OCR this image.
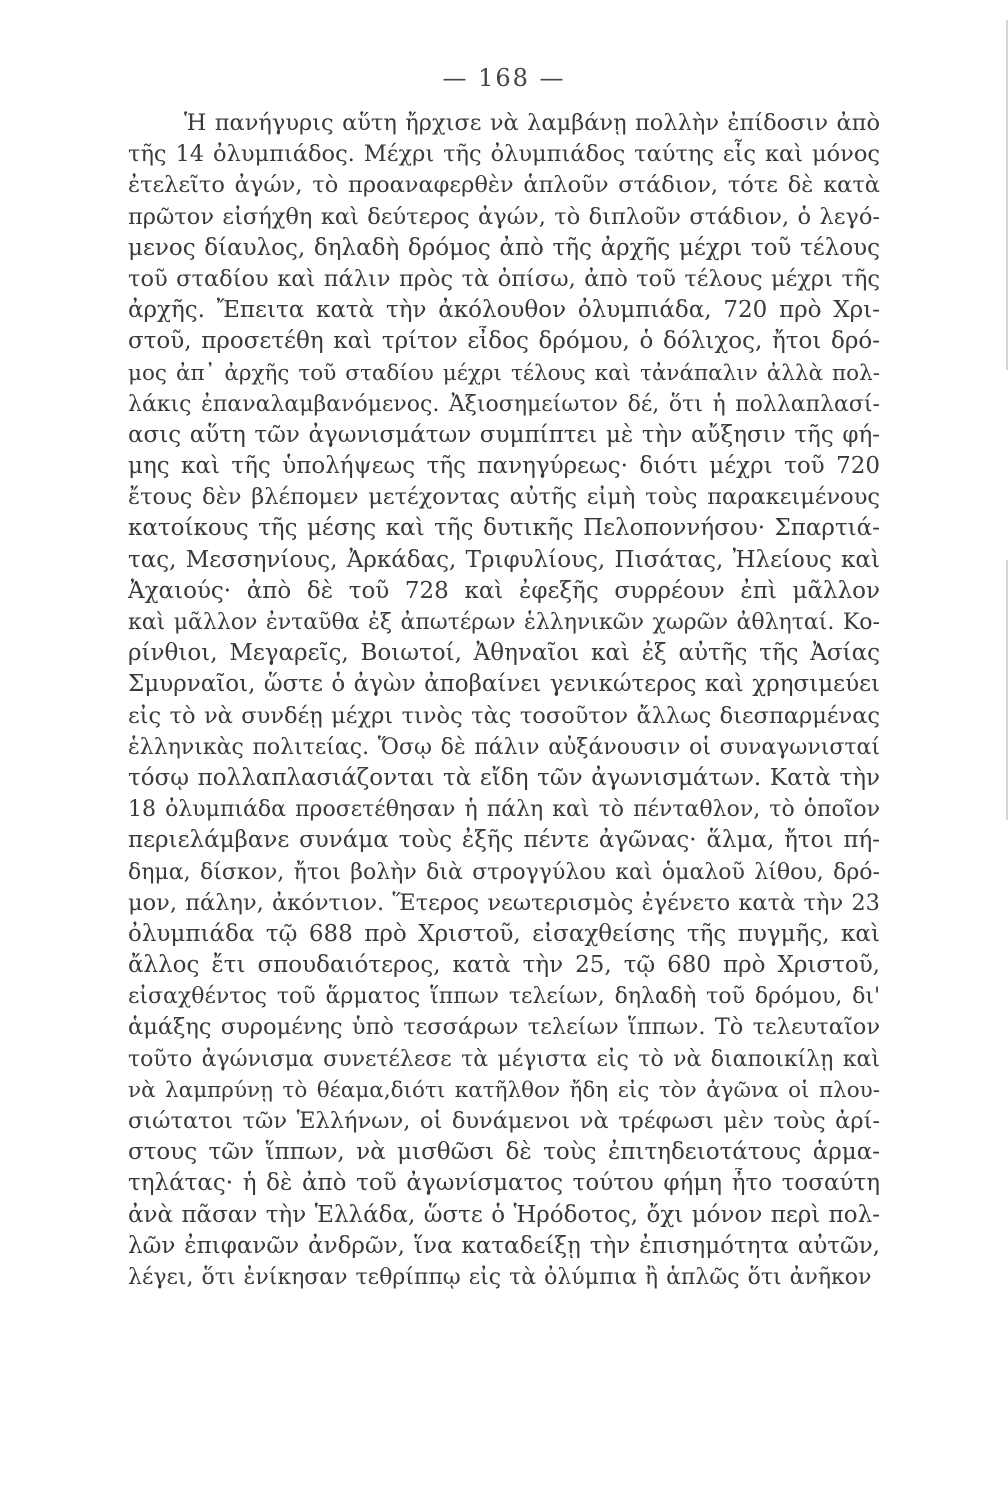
— 168 —
Ἡ πανήγυρις αὕτη ἤρχισε νὰ λαμβάνῃ πολλὴν ἐπίδοσιν ἀπὸ
τῆς 14 ὀλυμπιάδος. Μέχρι τῆς ὀλυμπιάδος ταύτης εἷς καὶ μόνος
ἐτελεῖτο ἀγών, τὸ προαναφερθὲν ἁπλοῦν στάδιον, τότε δὲ κατὰ
πρῶτον εἰσήχθη καὶ δεύτερος ἀγών, τὸ διπλοῦν στάδιον, ὁ λεγό-
μενος δίαυλος, δηλαδὴ δρόμος ἀπὸ τῆς ἀρχῆς μέχρι τοῦ τέλους
τοῦ σταδίου καὶ πάλιν πρὸς τὰ ὀπίσω, ἀπὸ τοῦ τέλους μέχρι τῆς
ἀρχῆς. Ἔπειτα κατὰ τὴν ἀκόλουθον ὀλυμπιάδα, 720 πρὸ Χρι-
στοῦ, προσετέθη καὶ τρίτον εἶδος δρόμου, ὁ δόλιχος, ἤτοι δρό-
μος ἀπ᾽ ἀρχῆς τοῦ σταδίου μέχρι τέλους καὶ τἀνάπαλιν ἀλλὰ πολ-
λάκις ἐπαναλαμβανόμενος. Ἀξιοσημείωτον δέ, ὅτι ἡ πολλαπλασί-
ασις αὕτη τῶν ἀγωνισμάτων συμπίπτει μὲ τὴν αὔξησιν τῆς φή-
μης καὶ τῆς ὑπολήψεως τῆς πανηγύρεως· διότι μέχρι τοῦ 720
ἔτους δὲν βλέπομεν μετέχοντας αὐτῆς εἰμὴ τοὺς παρακειμένους
κατοίκους τῆς μέσης καὶ τῆς δυτικῆς Πελοποννήσου· Σπαρτιά-
τας, Μεσσηνίους, Ἀρκάδας, Τριφυλίους, Πισάτας, Ἠλείους καὶ
Ἀχαιούς· ἀπὸ δὲ τοῦ 728 καὶ ἐφεξῆς συρρέουν ἐπὶ μᾶλλον
καὶ μᾶλλον ἐνταῦθα ἐξ ἀπωτέρων ἑλληνικῶν χωρῶν ἀθληταί. Κο-
ρίνθιοι, Μεγαρεῖς, Βοιωτοί, Ἀθηναῖοι καὶ ἐξ αὐτῆς τῆς Ἀσίας
Σμυρναῖοι, ὥστε ὁ ἀγὼν ἀποβαίνει γενικώτερος καὶ χρησιμεύει
εἰς τὸ νὰ συνδέῃ μέχρι τινὸς τὰς τοσοῦτον ἄλλως διεσπαρμένας
ἑλληνικὰς πολιτείας. Ὅσῳ δὲ πάλιν αὐξάνουσιν οἱ συναγωνισταί
τόσῳ πολλαπλασιάζονται τὰ εἴδη τῶν ἀγωνισμάτων. Κατὰ τὴν
18 ὀλυμπιάδα προσετέθησαν ἡ πάλη καὶ τὸ πένταθλον, τὸ ὁποῖον
περιελάμβανε συνάμα τοὺς ἐξῆς πέντε ἀγῶνας· ἅλμα, ἤτοι πή-
δημα, δίσκον, ἤτοι βολὴν διὰ στρογγύλου καὶ ὁμαλοῦ λίθου, δρό-
μον, πάλην, ἀκόντιον. Ἕτερος νεωτερισμὸς ἐγένετο κατὰ τὴν 23
ὀλυμπιάδα τῷ 688 πρὸ Χριστοῦ, εἰσαχθείσης τῆς πυγμῆς, καὶ
ἄλλος ἔτι σπουδαιότερος, κατὰ τὴν 25, τῷ 680 πρὸ Χριστοῦ,
εἰσαχθέντος τοῦ ἅρματος ἵππων τελείων, δηλαδὴ τοῦ δρόμου, δι'
ἁμάξης συρομένης ὑπὸ τεσσάρων τελείων ἵππων. Τὸ τελευταῖον
τοῦτο ἀγώνισμα συνετέλεσε τὰ μέγιστα εἰς τὸ νὰ διαποικίλῃ καὶ
νὰ λαμπρύνῃ τὸ θέαμα,διότι κατῆλθον ἤδη εἰς τὸν ἀγῶνα οἱ πλου-
σιώτατοι τῶν Ἑλλήνων, οἱ δυνάμενοι νὰ τρέφωσι μὲν τοὺς ἀρί-
στους τῶν ἵππων, νὰ μισθῶσι δὲ τοὺς ἐπιτηδειοτάτους ἁρμα-
τηλάτας· ἡ δὲ ἀπὸ τοῦ ἀγωνίσματος τούτου φήμη ἦτο τοσαύτη
ἀνὰ πᾶσαν τὴν Ἑλλάδα, ὥστε ὁ Ἡρόδοτος, ὄχι μόνον περὶ πολ-
λῶν ἐπιφανῶν ἀνδρῶν, ἵνα καταδείξῃ τὴν ἐπισημότητα αὐτῶν,
λέγει, ὅτι ἐνίκησαν τεθρίππῳ εἰς τὰ ὀλύμπια ἢ ἁπλῶς ὅτι ἀνῆκον
